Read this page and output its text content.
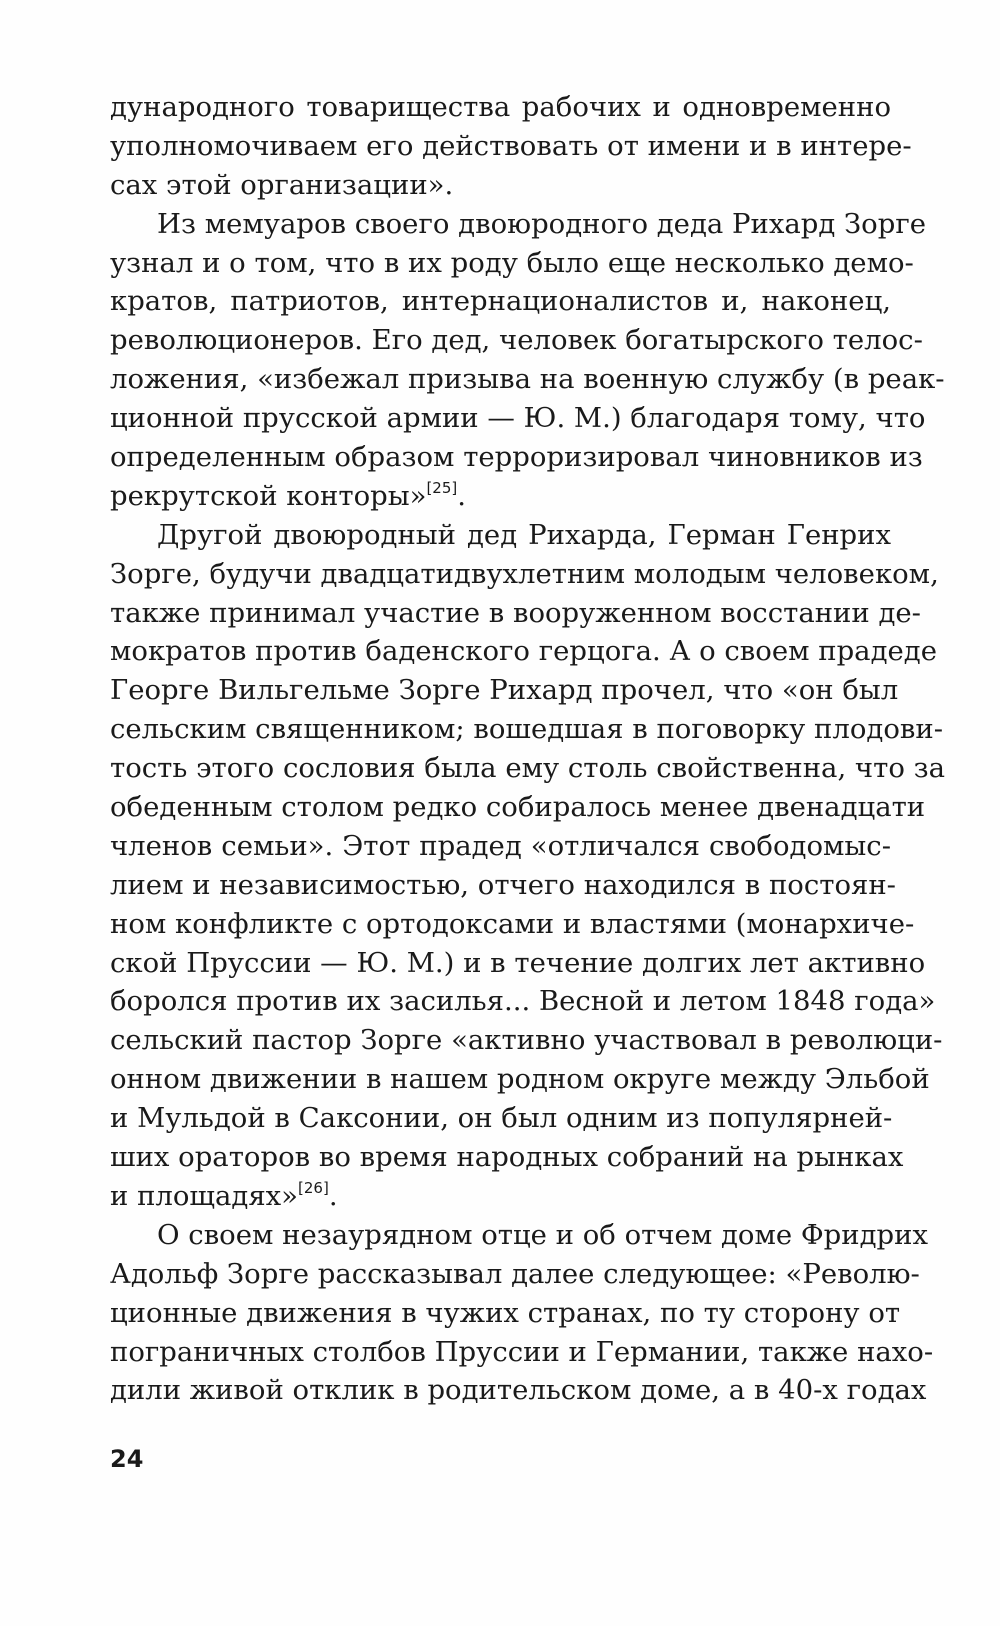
дународного товарищества рабочих и одновременно
уполномочиваем его действовать от имени и в интере-
сах этой организации».
Из мемуаров своего двоюродного деда Рихард Зорге
узнал и о том, что в их роду было еще несколько демо-
кратов, патриотов, интернационалистов и, наконец,
революционеров. Его дед, человек богатырского телос-
ложения, «избежал призыва на военную службу (в реак-
ционной прусской армии — Ю. М.) благодаря тому, что
определенным образом терроризировал чиновников из
рекрутской конторы»[25].
Другой двоюродный дед Рихарда, Герман Генрих
Зорге, будучи двадцатидвухлетним молодым человеком,
также принимал участие в вооруженном восстании де-
мократов против баденского герцога. А о своем прадеде
Георге Вильгельме Зорге Рихард прочел, что «он был
сельским священником; вошедшая в поговорку плодови-
тость этого сословия была ему столь свойственна, что за
обеденным столом редко собиралось менее двенадцати
членов семьи». Этот прадед «отличался свободомыс-
лием и независимостью, отчего находился в постоян-
ном конфликте с ортодоксами и властями (монархиче-
ской Пруссии — Ю. М.) и в течение долгих лет активно
боролся против их засилья... Весной и летом 1848 года»
сельский пастор Зорге «активно участвовал в революци-
онном движении в нашем родном округе между Эльбой
и Мульдой в Саксонии, он был одним из популярней-
ших ораторов во время народных собраний на рынках
и площадях»[26].
О своем незаурядном отце и об отчем доме Фридрих
Адольф Зорге рассказывал далее следующее: «Револю-
ционные движения в чужих странах, по ту сторону от
пограничных столбов Пруссии и Германии, также нахо-
дили живой отклик в родительском доме, а в 40-х годах
24
